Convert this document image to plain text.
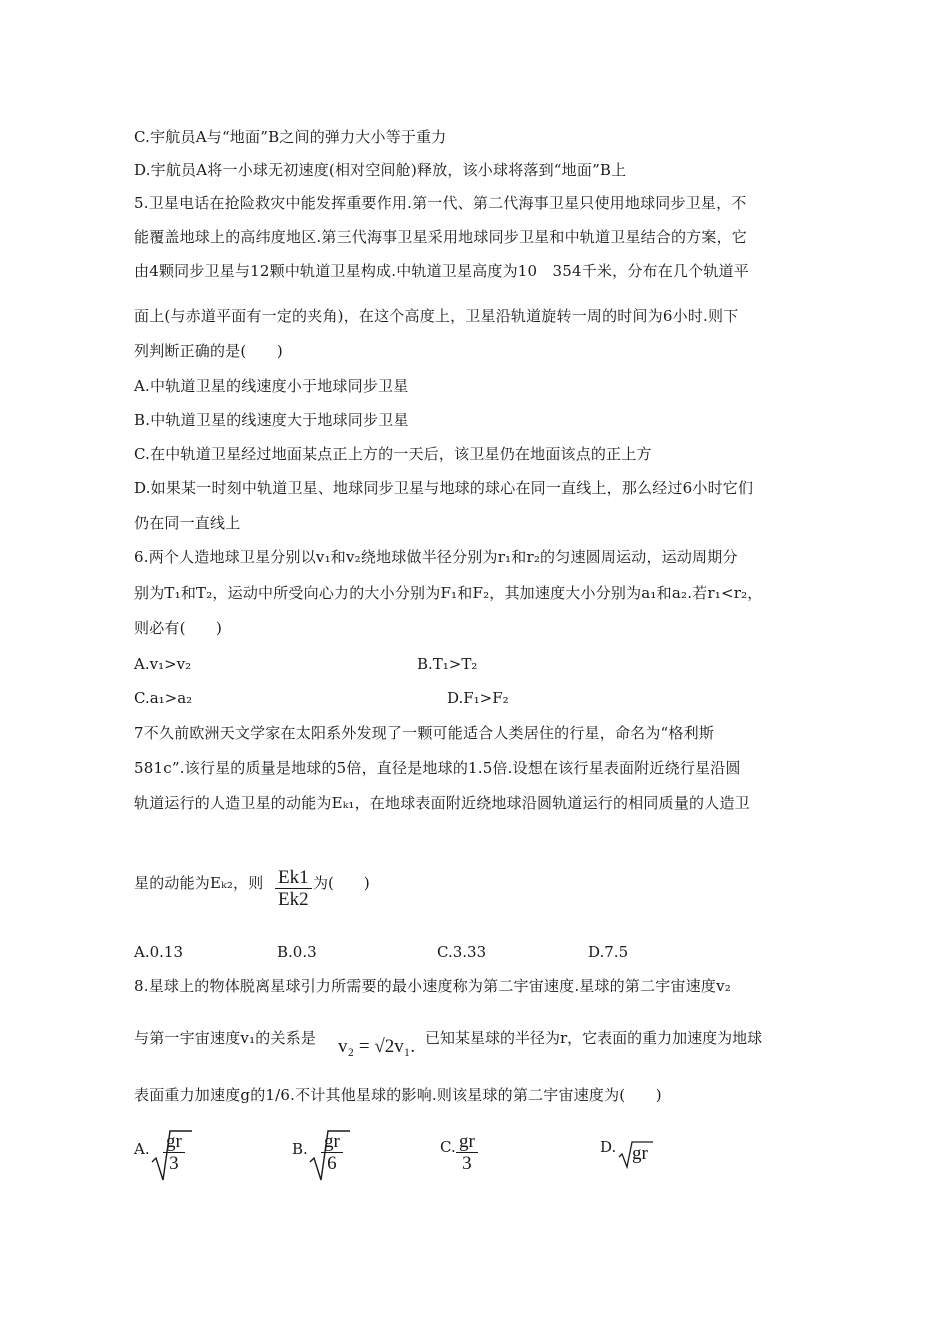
C.宇航员A与“地面”B之间的弹力大小等于重力
D.宇航员A将一小球无初速度(相对空间舱)释放，该小球将落到“地面”B上
5.卫星电话在抢险救灾中能发挥重要作用.第一代、第二代海事卫星只使用地球同步卫星，不
能覆盖地球上的高纬度地区.第三代海事卫星采用地球同步卫星和中轨道卫星结合的方案，它
由4颗同步卫星与12颗中轨道卫星构成.中轨道卫星高度为10　354千米，分布在几个轨道平
面上(与赤道平面有一定的夹角)，在这个高度上，卫星沿轨道旋转一周的时间为6小时.则下
列判断正确的是(　　)
A.中轨道卫星的线速度小于地球同步卫星
B.中轨道卫星的线速度大于地球同步卫星
C.在中轨道卫星经过地面某点正上方的一天后，该卫星仍在地面该点的正上方
D.如果某一时刻中轨道卫星、地球同步卫星与地球的球心在同一直线上，那么经过6小时它们
仍在同一直线上
6.两个人造地球卫星分别以v₁和v₂绕地球做半径分别为r₁和r₂的匀速圆周运动，运动周期分
别为T₁和T₂，运动中所受向心力的大小分别为F₁和F₂，其加速度大小分别为a₁和a₂.若r₁<r₂，
则必有(　　)
A.v₁>v₂	B.T₁>T₂
C.a₁>a₂	D.F₁>F₂
7不久前欧洲天文学家在太阳系外发现了一颗可能适合人类居住的行星，命名为“格利斯
581c”.该行星的质量是地球的5倍，直径是地球的1.5倍.设想在该行星表面附近绕行星沿圆
轨道运行的人造卫星的动能为Eₖ₁，在地球表面附近绕地球沿圆轨道运行的相同质量的人造卫
星的动能为Eₖ₂，则 Ek1
Ek2
为(　　)
A.0.13	B.0.3	C.3.33	D.7.5
8.星球上的物体脱离星球引力所需要的最小速度称为第二宇宙速度.星球的第二宇宙速度v₂
与第一宇宙速度v₁的关系是 v₂ = √2v₁. 已知某星球的半径为r，它表面的重力加速度为地球
表面重力加速度g的1/6.不计其他星球的影响.则该星球的第二宇宙速度为(　　)
A. gr
3
B. gr
6
C. gr
3
D. gr
